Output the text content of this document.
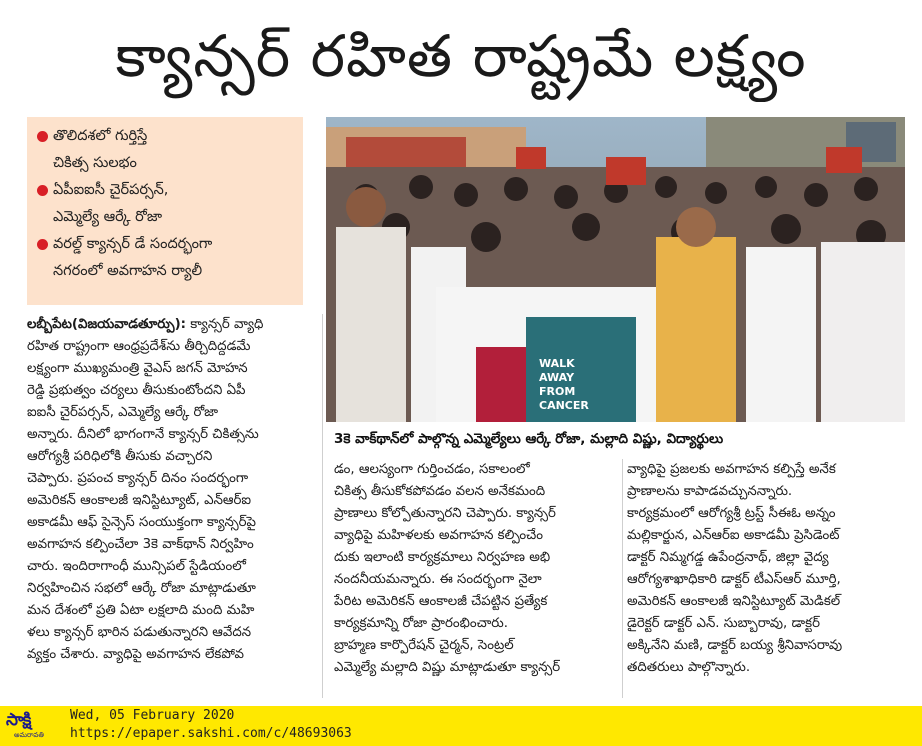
క్యాన్సర్ రహిత రాష్ట్రమే లక్ష్యం
తొలిదశలో గుర్తిస్తే
చికిత్స సులభం
ఏపీఐఐసీ చైర్‌పర్సన్,
ఎమ్మెల్యే ఆర్కే రోజా
వరల్డ్ క్యాన్సర్ డే సందర్భంగా
నగరంలో అవగాహన ర్యాలీ
WALK
AWAY
FROM
CANCER
3కె వాక్‌థాన్‌లో పాల్గొన్న ఎమ్మెల్యేలు ఆర్కే రోజా, మల్లాది విష్ణు, విద్యార్థులు
లబ్బీపేట(విజయవాడతూర్పు): క్యాన్సర్ వ్యాధి
రహిత రాష్ట్రంగా ఆంధ్రప్రదేశ్‌ను తీర్చిదిద్దడమే
లక్ష్యంగా ముఖ్యమంత్రి వైఎస్ జగన్ మోహన
రెడ్డి ప్రభుత్వం చర్యలు తీసుకుంటోందని ఏపీ
ఐఐసీ చైర్‌పర్సన్, ఎమ్మెల్యే ఆర్కే రోజా
అన్నారు. దీనిలో భాగంగానే క్యాన్సర్ చికిత్సను
ఆరోగ్యశ్రీ పరిధిలోకి తీసుకు వచ్చారని
చెప్పారు. ప్రపంచ క్యాన్సర్ దినం సందర్భంగా
అమెరికన్ ఆంకాలజీ ఇనిస్టిట్యూట్, ఎన్‌ఆర్‌ఐ
అకాడమీ ఆఫ్ సైన్సెస్ సంయుక్తంగా క్యాన్సర్‌పై
అవగాహన కల్పించేలా 3కె వాక్‌థాన్ నిర్వహిం
చారు. ఇందిరాగాంధీ మున్సిపల్ స్టేడియంలో
నిర్వహించిన సభలో ఆర్కే రోజా మాట్లాడుతూ
మన దేశంలో ప్రతి ఏటా లక్షలాది మంది మహి
ళలు క్యాన్సర్ భారిన పడుతున్నారని ఆవేదన
వ్యక్తం చేశారు. వ్యాధిపై అవగాహన లేకపోవ
డం, ఆలస్యంగా గుర్తించడం, సకాలంలో
చికిత్స తీసుకోకపోవడం వలన అనేకమంది
ప్రాణాలు కోల్పోతున్నారని చెప్పారు. క్యాన్సర్
వ్యాధిపై మహిళలకు అవగాహన కల్పించేం
దుకు ఇలాంటి కార్యక్రమాలు నిర్వహణ అభి
నందనీయమన్నారు. ఈ సందర్భంగా నైలా
పేరిట అమెరికన్ ఆంకాలజీ చేపట్టిన ప్రత్యేక
కార్యక్రమాన్ని రోజా ప్రారంభించారు.
బ్రాహ్మణ కార్పొరేషన్ చైర్మన్, సెంట్రల్
ఎమ్మెల్యే మల్లాది విష్ణు మాట్లాడుతూ క్యాన్సర్
వ్యాధిపై ప్రజలకు అవగాహన కల్పిస్తే అనేక
ప్రాణాలను కాపాడవచ్చునన్నారు.
కార్యక్రమంలో ఆరోగ్యశ్రీ ట్రస్ట్ సీఈఓ అన్నం
మల్లికార్జున, ఎన్‌ఆర్‌ఐ అకాడమీ ప్రెసిడెంట్
డాక్టర్ నిమ్మగడ్డ ఉపేంద్రనాథ్, జిల్లా వైద్య
ఆరోగ్యశాఖాధికారి డాక్టర్ టీఎస్ఆర్ మూర్తి,
అమెరికన్ ఆంకాలజీ ఇనిస్టిట్యూట్ మెడికల్
డైరెక్టర్ డాక్టర్ ఎన్. సుబ్బారావు, డాక్టర్
అక్కినేని మణి, డాక్టర్ బయ్య శ్రీనివాసరావు
తదితరులు పాల్గొన్నారు.
సాక్షి
అమరావతి
Wed, 05 February 2020
https://epaper.sakshi.com/c/48693063
